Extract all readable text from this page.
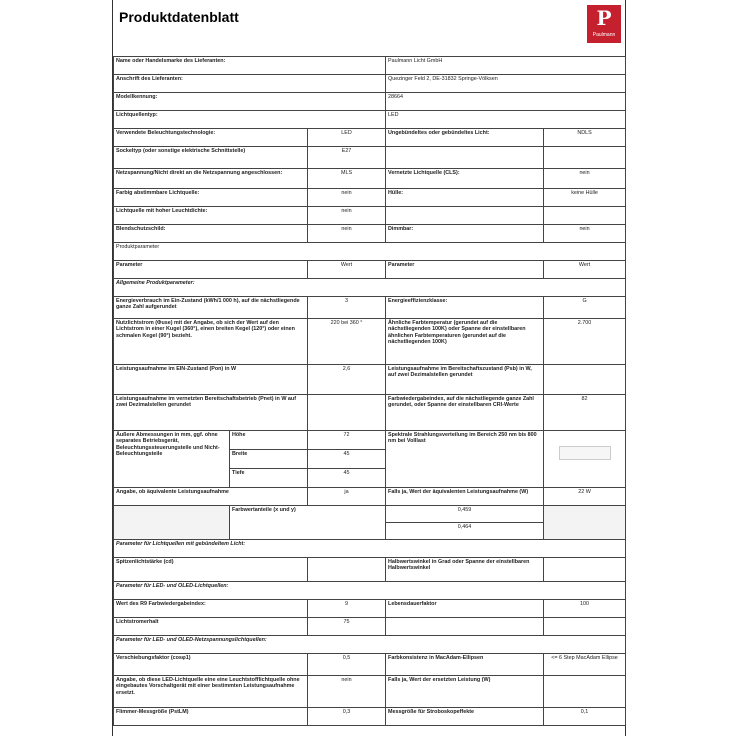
Produktdatenblatt	P
Paulmann
Name oder Handelsmarke des Lieferanten:			Paulmann Licht GmbH	
Anschrift des Lieferanten:			Quezinger Feld 2, DE-31832 Springe-Völksen	
Modellkennung:			28664	
Lichtquellentyp:			LED	
Verwendete Beleuchtungstechnologie:		LED	Ungebündeltes oder gebündeltes Licht:	NDLS
Sockeltyp (oder sonstige elektrische Schnittstelle)		E27		
Netzspannung/Nicht direkt an die Netzspannung angeschlossen:		MLS	Vernetzte Lichtquelle (CLS):	nein
Farbig abstimmbare Lichtquelle:		nein	Hülle:	keine Hülle
Lichtquelle mit hoher Leuchtdichte:		nein		
Blendschutzschild:		nein	Dimmbar:	nein
Produktparameter				
Parameter		Wert	Parameter	Wert
Allgemeine Produktparameter:				
Energieverbrauch im Ein-Zustand (kWh/1 000 h), auf die nächstliegende ganze Zahl aufgerundet		3	Energieeffizienzklasse:	G
Nutzlichtstrom (Φuse) mit der Angabe, ob sich der Wert auf den Lichtstrom in einer Kugel (360°), einen breiten Kegel (120°) oder einen schmalen Kegel (90°) bezieht.		220 bei 360 °	Ähnliche Farbtemperatur (gerundet auf die nächstliegenden 100K) oder Spanne der einstellbaren ähnlichen Farbtemperaturen (gerundet auf die nächstliegenden 100K)	2.700
Leistungsaufnahme im EIN-Zustand (Pon) in W		2,6	Leistungsaufnahme im Bereitschaftszustand (Psb) in W, auf zwei Dezimalstellen gerundet	
Leistungsaufnahme im vernetzten Bereitschaftsbetrieb (Pnet) in W auf zwei Dezimalstellen gerundet			Farbwiedergabeindex, auf die nächstliegende ganze Zahl gerundet, oder Spanne der einstellbaren CRI-Werte	82
Äußere Abmessungen in mm, ggf. ohne separates Betriebsgerät, Beleuchtungssteuerungsteile und Nicht-Beleuchtungsteile	Höhe	72	Spektrale Strahlungsverteilung im Bereich 250 nm bis 800 nm bei Volllast	

	Breite	45		
	Tiefe	45		
Angabe, ob äquivalente Leistungsaufnahme		ja	Falls ja, Wert der äquivalenten Leistungsaufnahme (W)	22 W
	Farbwertanteile (x und y)		0,459	
			0,464	
Parameter für Lichtquellen mit gebündeltem Licht:				
Spitzenlichtstärke (cd)			Halbwertswinkel in Grad oder Spanne der einstellbaren Halbwertswinkel	
Parameter für LED- und OLED-Lichtquellen:				
Wert des R9 Farbwiedergabeindex:		9	Lebensdauerfaktor	100
Lichtstromerhalt		75		
Parameter für LED- und OLED-Netzspannungslichtquellen:				
Verschiebungsfaktor (cosφ1)		0,5	Farbkonsistenz in MacAdam-Ellipsen	<= 6 Step MacAdam Ellipse
Angabe, ob diese LED-Lichtquelle eine eine Leuchtstofflichtquelle ohne eingebautes Vorschaltgerät mit einer bestimmten Leistungsaufnahme ersetzt.		nein	Falls ja, Wert der ersetzten Leistung (W)	
Flimmer-Messgröße (PstLM)		0,3	Messgröße für Stroboskopeffekte	0,1
